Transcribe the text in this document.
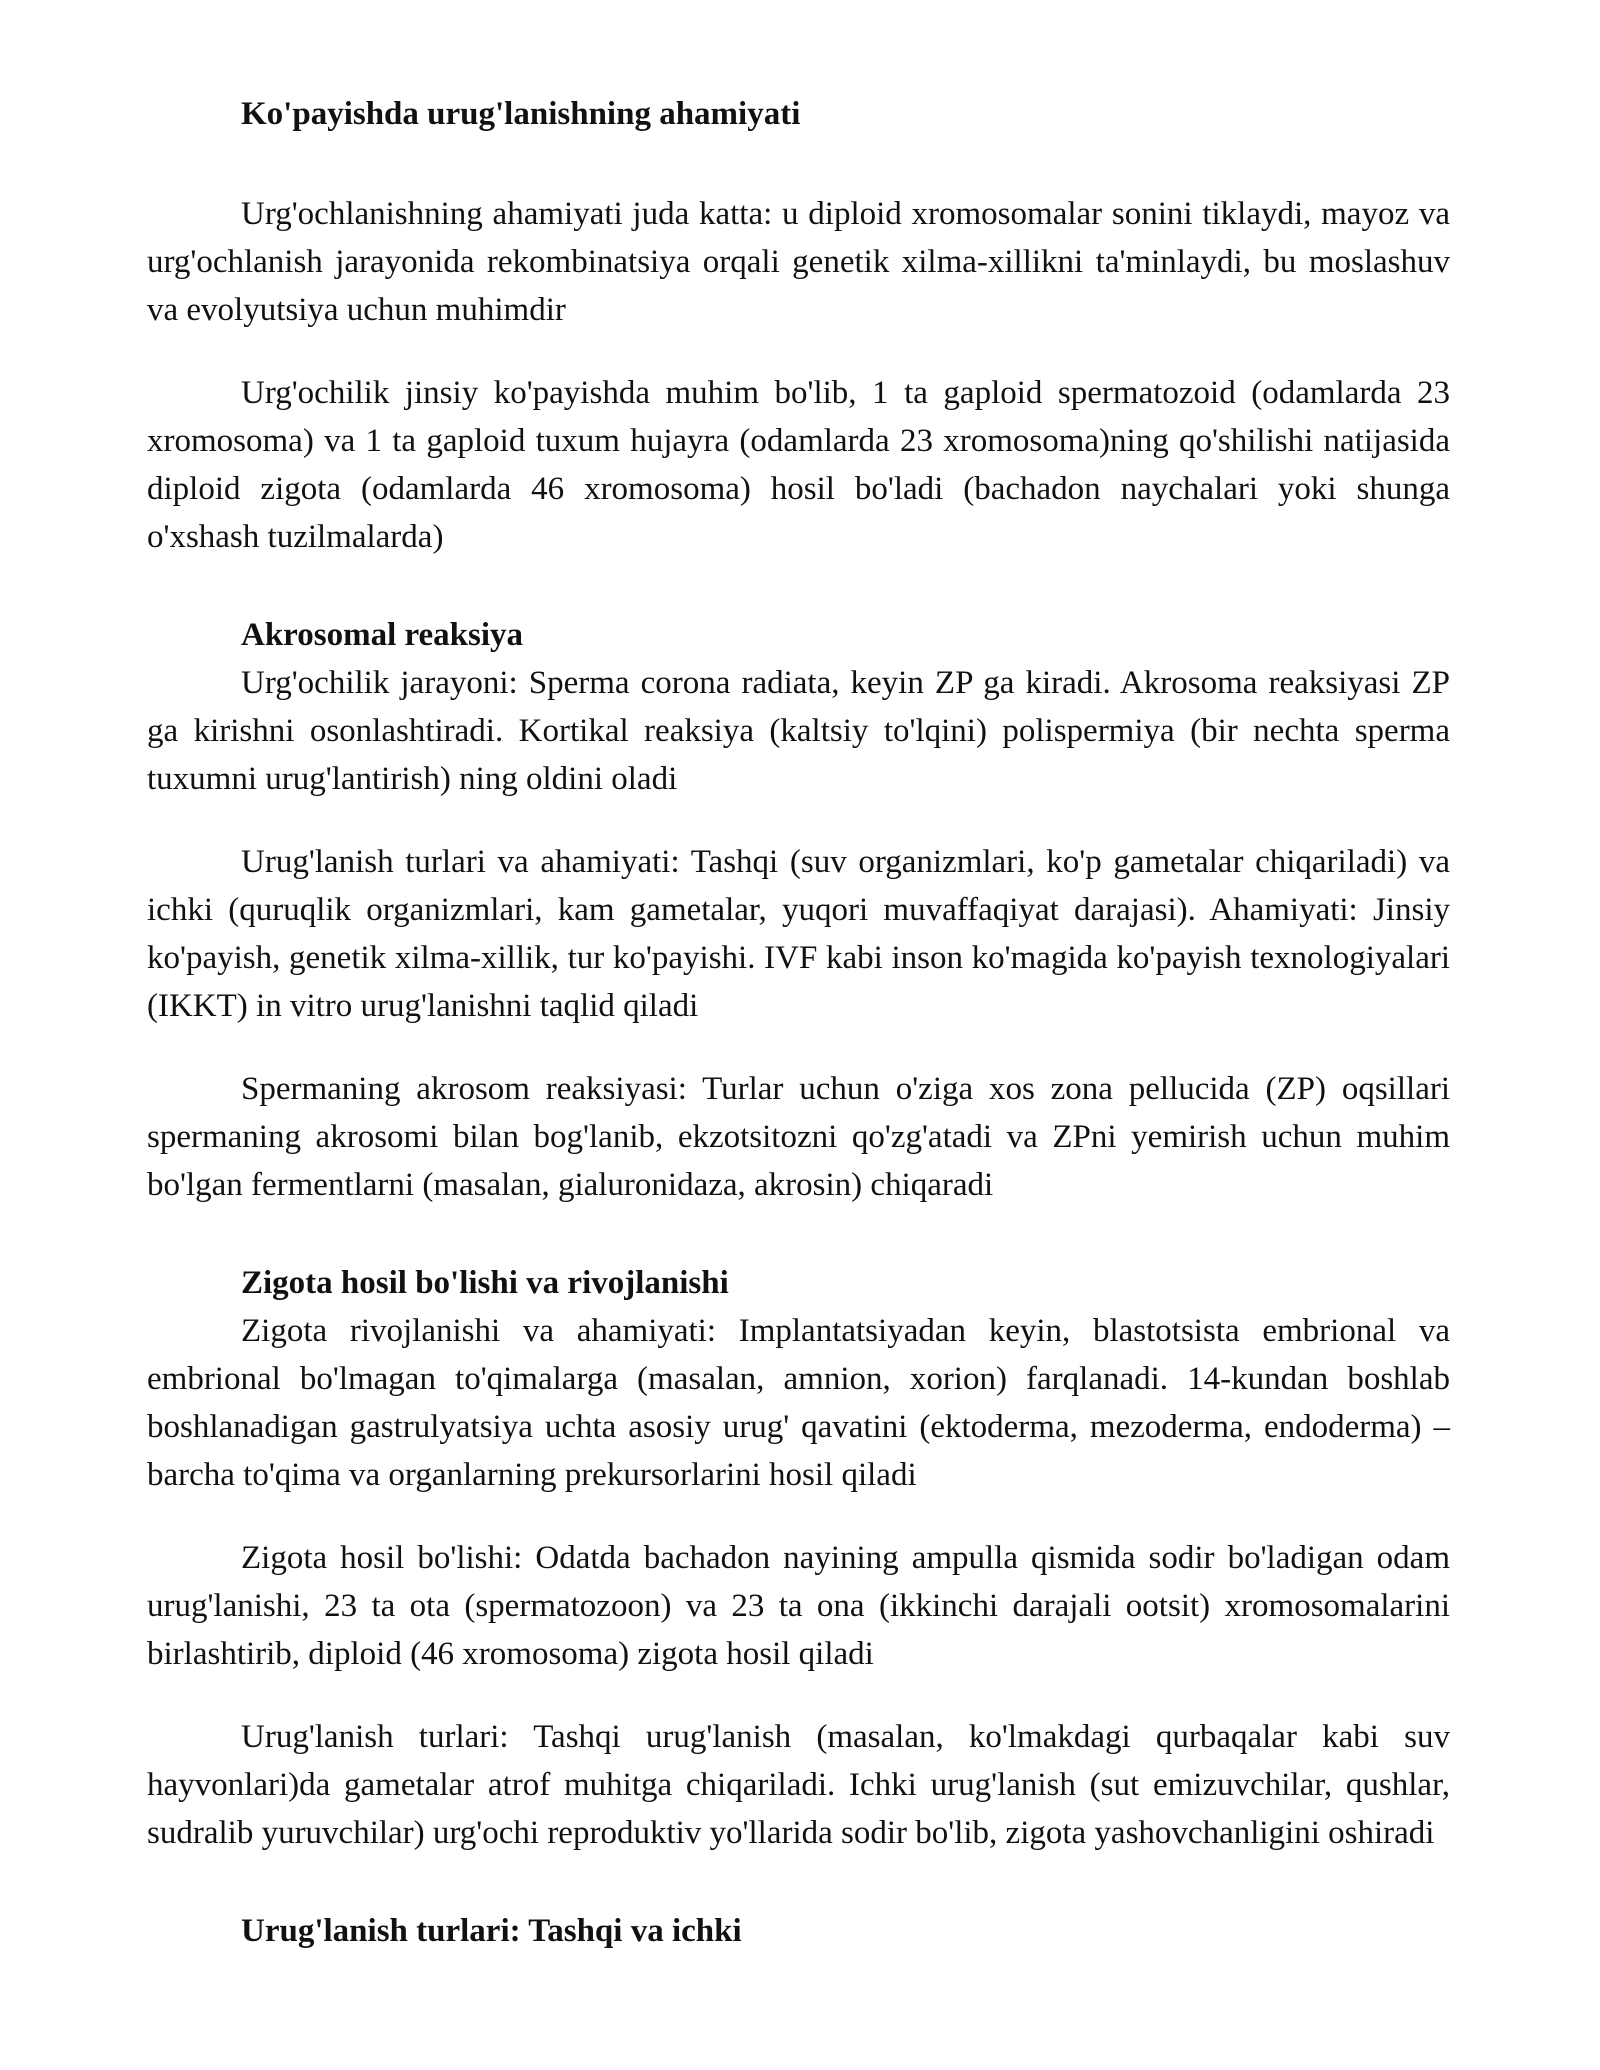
Ko'payishda urug'lanishning ahamiyati

Urg'ochlanishning ahamiyati juda katta: u diploid xromosomalar sonini tiklaydi, mayoz va urg'ochlanish jarayonida rekombinatsiya orqali genetik xilma-xillikni ta'minlaydi, bu moslashuv va evolyutsiya uchun muhimdir

Urg'ochilik jinsiy ko'payishda muhim bo'lib, 1 ta gaploid spermatozoid (odamlarda 23 xromosoma) va 1 ta gaploid tuxum hujayra (odamlarda 23 xromosoma)ning qo'shilishi natijasida diploid zigota (odamlarda 46 xromosoma) hosil bo'ladi (bachadon naychalari yoki shunga o'xshash tuzilmalarda)

Akrosomal reaksiya

Urg'ochilik jarayoni: Sperma corona radiata, keyin ZP ga kiradi. Akrosoma reaksiyasi ZP ga kirishni osonlashtiradi. Kortikal reaksiya (kaltsiy to'lqini) polispermiya (bir nechta sperma tuxumni urug'lantirish) ning oldini oladi

Urug'lanish turlari va ahamiyati: Tashqi (suv organizmlari, ko'p gametalar chiqariladi) va ichki (quruqlik organizmlari, kam gametalar, yuqori muvaffaqiyat darajasi). Ahamiyati: Jinsiy ko'payish, genetik xilma-xillik, tur ko'payishi. IVF kabi inson ko'magida ko'payish texnologiyalari (IKKT) in vitro urug'lanishni taqlid qiladi

Spermaning akrosom reaksiyasi: Turlar uchun o'ziga xos zona pellucida (ZP) oqsillari spermaning akrosomi bilan bog'lanib, ekzotsitozni qo'zg'atadi va ZPni yemirish uchun muhim bo'lgan fermentlarni (masalan, gialuronidaza, akrosin) chiqaradi

Zigota hosil bo'lishi va rivojlanishi

Zigota rivojlanishi va ahamiyati: Implantatsiyadan keyin, blastotsista embrional va embrional bo'lmagan to'qimalarga (masalan, amnion, xorion) farqlanadi. 14-kundan boshlab boshlanadigan gastrulyatsiya uchta asosiy urug' qavatini (ektoderma, mezoderma, endoderma) – barcha to'qima va organlarning prekursorlarini hosil qiladi

Zigota hosil bo'lishi: Odatda bachadon nayining ampulla qismida sodir bo'ladigan odam urug'lanishi, 23 ta ota (spermatozoon) va 23 ta ona (ikkinchi darajali ootsit) xromosomalarini birlashtirib, diploid (46 xromosoma) zigota hosil qiladi

Urug'lanish turlari: Tashqi urug'lanish (masalan, ko'lmakdagi qurbaqalar kabi suv hayvonlari)da gametalar atrof muhitga chiqariladi. Ichki urug'lanish (sut emizuvchilar, qushlar, sudralib yuruvchilar) urg'ochi reproduktiv yo'llarida sodir bo'lib, zigota yashovchanligini oshiradi

Urug'lanish turlari: Tashqi va ichki
